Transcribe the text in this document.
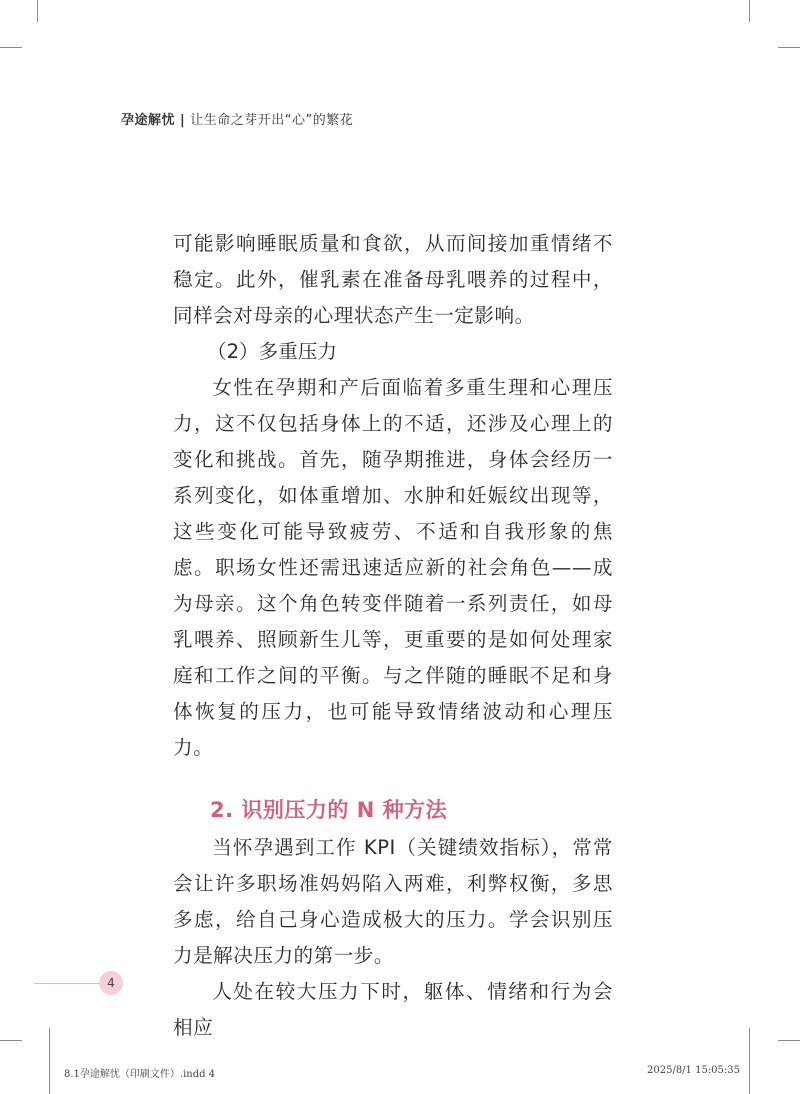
孕途解忧 | 让生命之芽开出“心”的繁花

可能影响睡眠质量和食欲，从而间接加重情绪不稳定。此外，催乳素在准备母乳喂养的过程中，同样会对母亲的心理状态产生一定影响。

（2）多重压力

女性在孕期和产后面临着多重生理和心理压力，这不仅包括身体上的不适，还涉及心理上的变化和挑战。首先，随孕期推进，身体会经历一系列变化，如体重增加、水肿和妊娠纹出现等，这些变化可能导致疲劳、不适和自我形象的焦虑。职场女性还需迅速适应新的社会角色——成为母亲。这个角色转变伴随着一系列责任，如母乳喂养、照顾新生儿等，更重要的是如何处理家庭和工作之间的平衡。与之伴随的睡眠不足和身体恢复的压力，也可能导致情绪波动和心理压力。

2. 识别压力的 N 种方法

当怀孕遇到工作 KPI（关键绩效指标），常常会让许多职场准妈妈陷入两难，利弊权衡，多思多虑，给自己身心造成极大的压力。学会识别压力是解决压力的第一步。

人处在较大压力下时，躯体、情绪和行为会相应

4
8.1孕途解忧（印刷文件）.indd 4	2025/8/1 15:05:35
